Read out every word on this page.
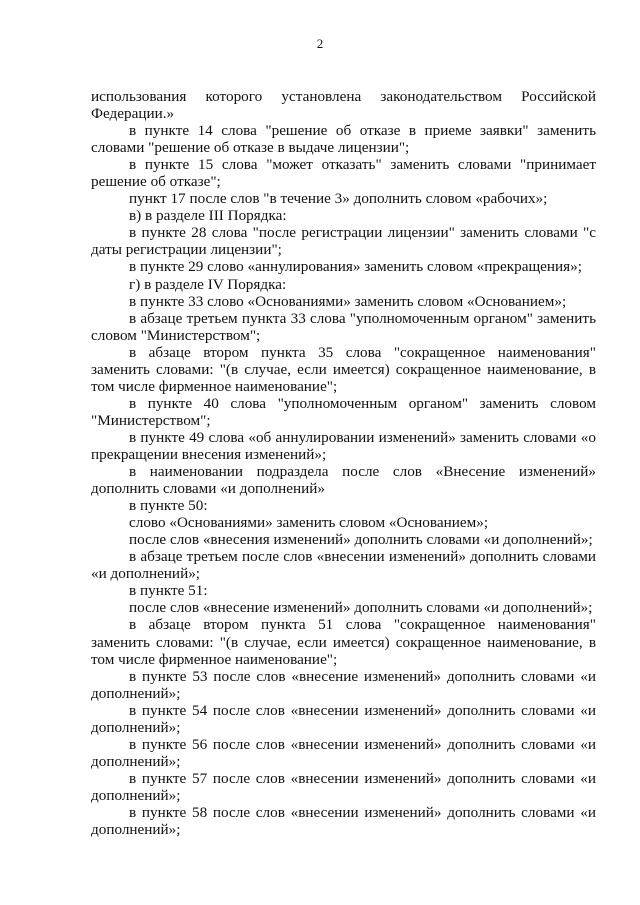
2

использования которого установлена законодательством Российской Федерации.»

в пункте 14 слова "решение об отказе в приеме заявки" заменить словами "решение об отказе в выдаче лицензии";

в пункте 15 слова "может отказать" заменить словами "принимает решение об отказе";

пункт 17 после слов "в течение 3» дополнить словом «рабочих»;

в) в разделе III Порядка:

в пункте 28 слова "после регистрации лицензии" заменить словами "с даты регистрации лицензии";

в пункте 29 слово «аннулирования» заменить словом «прекращения»;

г) в разделе IV Порядка:

в пункте 33 слово «Основаниями» заменить словом «Основанием»;

в абзаце третьем пункта 33 слова "уполномоченным органом" заменить словом "Министерством";

в абзаце втором пункта 35 слова "сокращенное наименования" заменить словами: "(в случае, если имеется) сокращенное наименование, в том числе фирменное наименование";

в пункте 40 слова "уполномоченным органом" заменить словом "Министерством";

в пункте 49 слова «об аннулировании изменений» заменить словами «о прекращении внесения изменений»;

в наименовании подраздела после слов «Внесение изменений» дополнить словами «и дополнений»

в пункте 50:

слово «Основаниями» заменить словом «Основанием»;

после слов «внесения изменений» дополнить словами «и дополнений»;

в абзаце третьем после слов «внесении изменений» дополнить словами «и дополнений»;

в пункте 51:

после слов «внесение изменений» дополнить словами «и дополнений»;

в абзаце втором пункта 51 слова "сокращенное наименования" заменить словами: "(в случае, если имеется) сокращенное наименование, в том числе фирменное наименование";

в пункте 53 после слов «внесение изменений» дополнить словами «и дополнений»;

в пункте 54 после слов «внесении изменений» дополнить словами «и дополнений»;

в пункте 56 после слов «внесении изменений» дополнить словами «и дополнений»;

в пункте 57 после слов «внесении изменений» дополнить словами «и дополнений»;

в пункте 58 после слов «внесении изменений» дополнить словами «и дополнений»;
